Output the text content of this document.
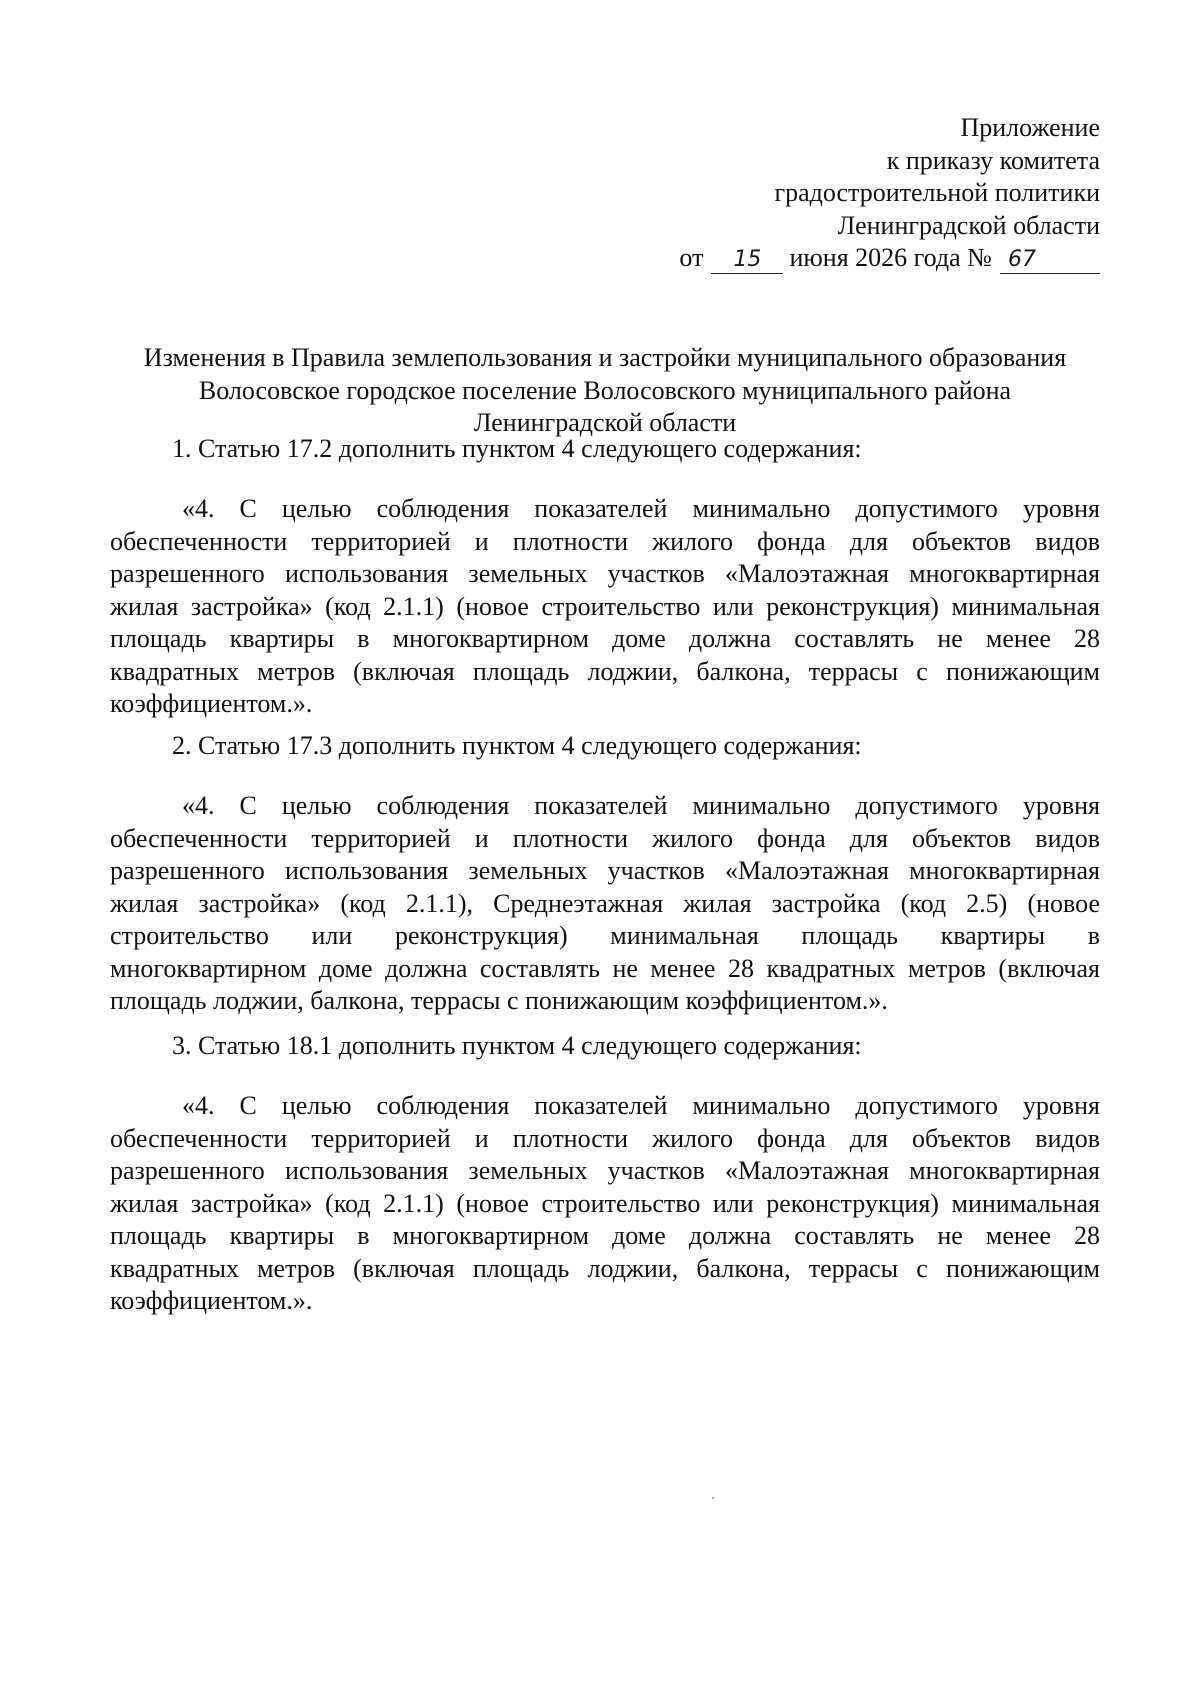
Приложение
к приказу комитета
градостроительной политики
Ленинградской области
от 15 июня 2026 года № 67
Изменения в Правила землепользования и застройки муниципального образования
Волосовское городское поселение Волосовского муниципального района
Ленинградской области
1. Статью 17.2 дополнить пунктом 4 следующего содержания:
«4. С целью соблюдения показателей минимально допустимого уровня
обеспеченности территорией и плотности жилого фонда для объектов видов
разрешенного использования земельных участков «Малоэтажная многоквартирная
жилая застройка» (код 2.1.1) (новое строительство или реконструкция) минимальная
площадь квартиры в многоквартирном доме должна составлять не менее 28
квадратных метров (включая площадь лоджии, балкона, террасы с понижающим
коэффициентом.».
2. Статью 17.3 дополнить пунктом 4 следующего содержания:
«4. С целью соблюдения показателей минимально допустимого уровня
обеспеченности территорией и плотности жилого фонда для объектов видов
разрешенного использования земельных участков «Малоэтажная многоквартирная
жилая застройка» (код 2.1.1), Среднеэтажная жилая застройка (код 2.5) (новое
строительство или реконструкция) минимальная площадь квартиры в
многоквартирном доме должна составлять не менее 28 квадратных метров (включая
площадь лоджии, балкона, террасы с понижающим коэффициентом.».
3. Статью 18.1 дополнить пунктом 4 следующего содержания:
«4. С целью соблюдения показателей минимально допустимого уровня
обеспеченности территорией и плотности жилого фонда для объектов видов
разрешенного использования земельных участков «Малоэтажная многоквартирная
жилая застройка» (код 2.1.1) (новое строительство или реконструкция) минимальная
площадь квартиры в многоквартирном доме должна составлять не менее 28
квадратных метров (включая площадь лоджии, балкона, террасы с понижающим
коэффициентом.».
